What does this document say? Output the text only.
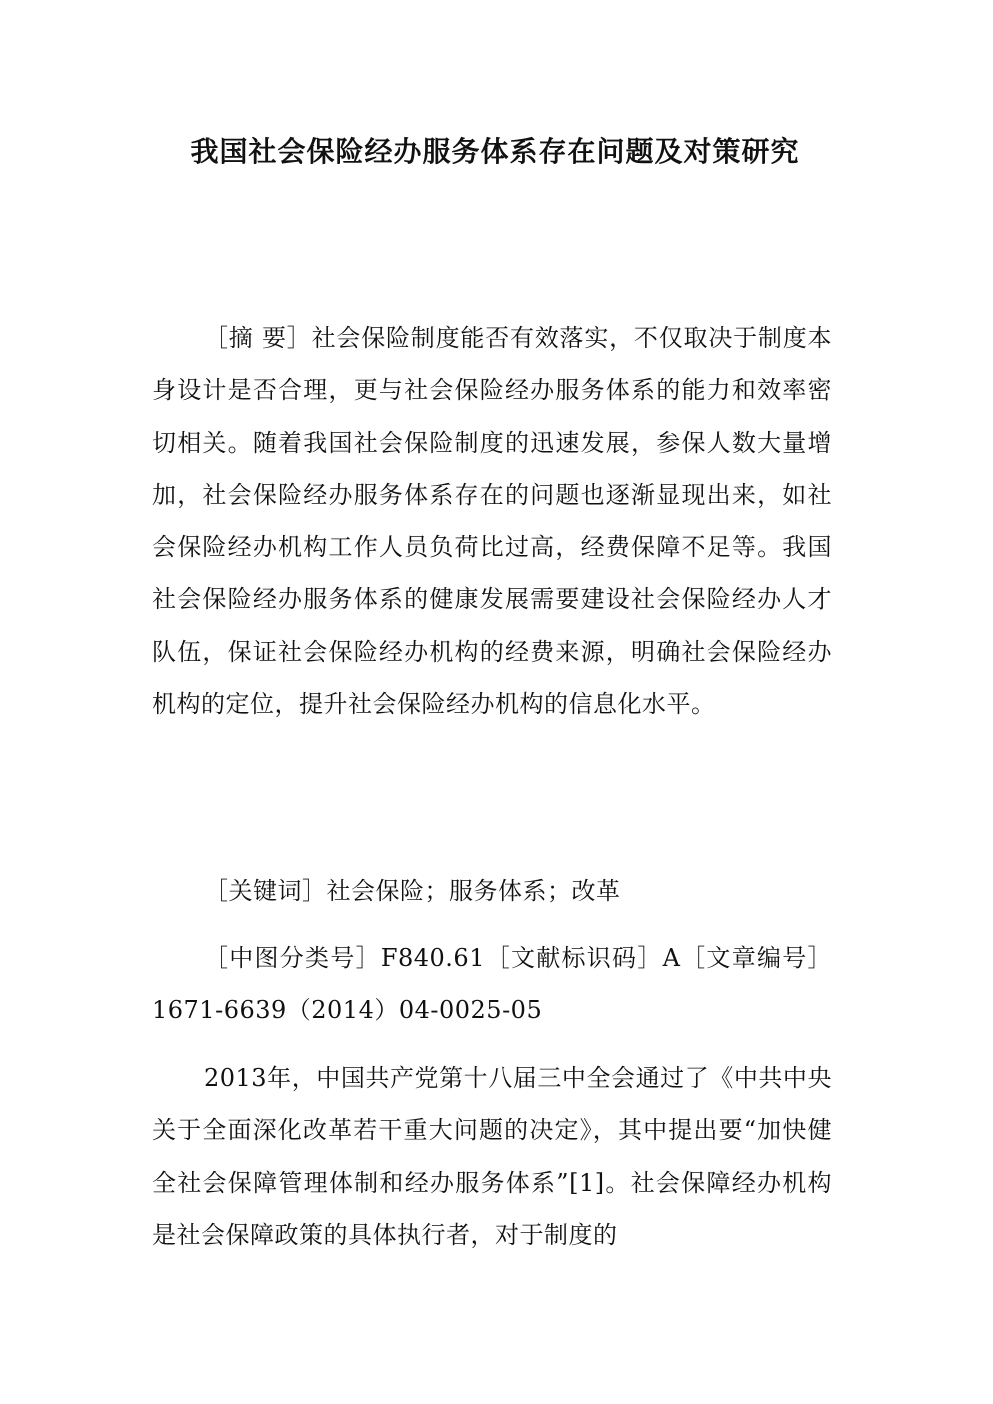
我国社会保险经办服务体系存在问题及对策研究

［摘 要］社会保险制度能否有效落实，不仅取决于制度本身设计是否合理，更与社会保险经办服务体系的能力和效率密切相关。随着我国社会保险制度的迅速发展，参保人数大量增加，社会保险经办服务体系存在的问题也逐渐显现出来，如社会保险经办机构工作人员负荷比过高，经费保障不足等。我国社会保险经办服务体系的健康发展需要建设社会保险经办人才队伍，保证社会保险经办机构的经费来源，明确社会保险经办机构的定位，提升社会保险经办机构的信息化水平。

［关键词］社会保险；服务体系；改革

［中图分类号］F840.61［文献标识码］A［文章编号］1671-6639（2014）04-0025-05

2013年，中国共产党第十八届三中全会通过了《中共中央关于全面深化改革若干重大问题的决定》，其中提出要“加快健全社会保障管理体制和经办服务体系”[1]。社会保障经办机构是社会保障政策的具体执行者，对于制度的
